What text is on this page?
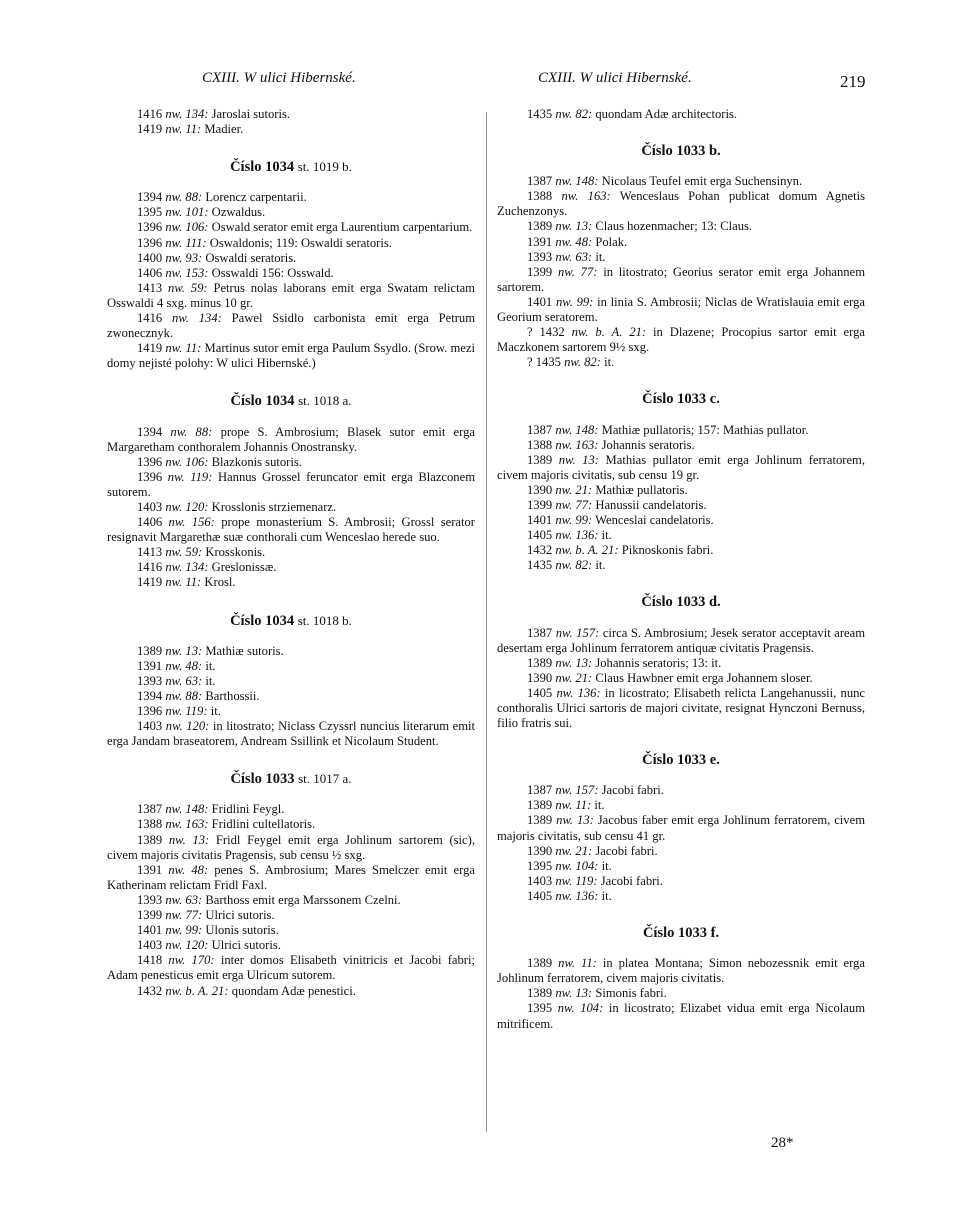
CXIII. W ulici Hibernské.	CXIII. W ulici Hibernské.	219

1416 nw. 134: Jaroslai sutoris.

1419 nw. 11: Madier.

Číslo 1034 st. 1019 b.

1394 nw. 88: Lorencz carpentarii.

1395 nw. 101: Ozwaldus.

1396 nw. 106: Oswald serator emit erga Laurentium carpentarium.

1396 nw. 111: Oswaldonis; 119: Oswaldi seratoris.

1400 nw. 93: Oswaldi seratoris.

1406 nw. 153: Osswaldi 156: Osswald.

1413 nw. 59: Petrus nolas laborans emit erga Swatam relictam Osswaldi 4 sxg. minus 10 gr.

1416 nw. 134: Pawel Ssidlo carbonista emit erga Petrum zwonecznyk.

1419 nw. 11: Martinus sutor emit erga Paulum Ssydlo. (Srow. mezi domy nejisté polohy: W ulici Hibernské.)

Číslo 1034 st. 1018 a.

1394 nw. 88: prope S. Ambrosium; Blasek sutor emit erga Margaretham conthoralem Johannis Onostransky.

1396 nw. 106: Blazkonis sutoris.

1396 nw. 119: Hannus Grossel feruncator emit erga Blazconem sutorem.

1403 nw. 120: Krosslonis strziemenarz.

1406 nw. 156: prope monasterium S. Ambrosii; Grossl serator resignavit Margarethæ suæ conthorali cum Wenceslao herede suo.

1413 nw. 59: Krosskonis.

1416 nw. 134: Greslonissæ.

1419 nw. 11: Krosl.

Číslo 1034 st. 1018 b.

1389 nw. 13: Mathiæ sutoris.

1391 nw. 48: it.

1393 nw. 63: it.

1394 nw. 88: Barthossii.

1396 nw. 119: it.

1403 nw. 120: in litostrato; Niclass Czyssrl nuncius literarum emit erga Jandam braseatorem, Andream Ssillink et Nicolaum Student.

Číslo 1033 st. 1017 a.

1387 nw. 148: Fridlini Feygl.

1388 nw. 163: Fridlini cultellatoris.

1389 nw. 13: Fridl Feygel emit erga Johlinum sartorem (sic), civem majoris civitatis Pragensis, sub censu ½ sxg.

1391 nw. 48: penes S. Ambrosium; Mares Smelczer emit erga Katherinam relictam Fridl Faxl.

1393 nw. 63: Barthoss emit erga Marssonem Czelni.

1399 nw. 77: Ulrici sutoris.

1401 nw. 99: Ulonis sutoris.

1403 nw. 120: Ulrici sutoris.

1418 nw. 170: inter domos Elisabeth vinitricis et Jacobi fabri; Adam penesticus emit erga Ulricum sutorem.

1432 nw. b. A. 21: quondam Adæ penestici.

1435 nw. 82: quondam Adæ architectoris.

Číslo 1033 b.

1387 nw. 148: Nicolaus Teufel emit erga Suchensinyn.

1388 nw. 163: Wenceslaus Pohan publicat domum Agnetis Zuchenzonys.

1389 nw. 13: Claus hozenmacher; 13: Claus.

1391 nw. 48: Polak.

1393 nw. 63: it.

1399 nw. 77: in litostrato; Georius serator emit erga Johannem sartorem.

1401 nw. 99: in linia S. Ambrosii; Niclas de Wratislauia emit erga Georium seratorem.

? 1432 nw. b. A. 21: in Dlazene; Procopius sartor emit erga Maczkonem sartorem 9½ sxg.

? 1435 nw. 82: it.

Číslo 1033 c.

1387 nw. 148: Mathiæ pullatoris; 157: Mathias pullator.

1388 nw. 163: Johannis seratoris.

1389 nw. 13: Mathias pullator emit erga Johlinum ferratorem, civem majoris civitatis, sub censu 19 gr.

1390 nw. 21: Mathiæ pullatoris.

1399 nw. 77: Hanussii candelatoris.

1401 nw. 99: Wenceslai candelatoris.

1405 nw. 136: it.

1432 nw. b. A. 21: Piknoskonis fabri.

1435 nw. 82: it.

Číslo 1033 d.

1387 nw. 157: circa S. Ambrosium; Jesek serator acceptavit aream desertam erga Johlinum ferratorem antiquæ civitatis Pragensis.

1389 nw. 13: Johannis seratoris; 13: it.

1390 nw. 21: Claus Hawbner emit erga Johannem sloser.

1405 nw. 136: in licostrato; Elisabeth relicta Langehanussii, nunc conthoralis Ulrici sartoris de majori civitate, resignat Hynczoni Bernuss, filio fratris sui.

Číslo 1033 e.

1387 nw. 157: Jacobi fabri.

1389 nw. 11: it.

1389 nw. 13: Jacobus faber emit erga Johlinum ferratorem, civem majoris civitatis, sub censu 41 gr.

1390 nw. 21: Jacobi fabri.

1395 nw. 104: it.

1403 nw. 119: Jacobi fabri.

1405 nw. 136: it.

Číslo 1033 f.

1389 nw. 11: in platea Montana; Simon nebozessnik emit erga Johlinum ferratorem, civem majoris civitatis.

1389 nw. 13: Simonis fabri.

1395 nw. 104: in licostrato; Elizabet vidua emit erga Nicolaum mitrificem.

28*
